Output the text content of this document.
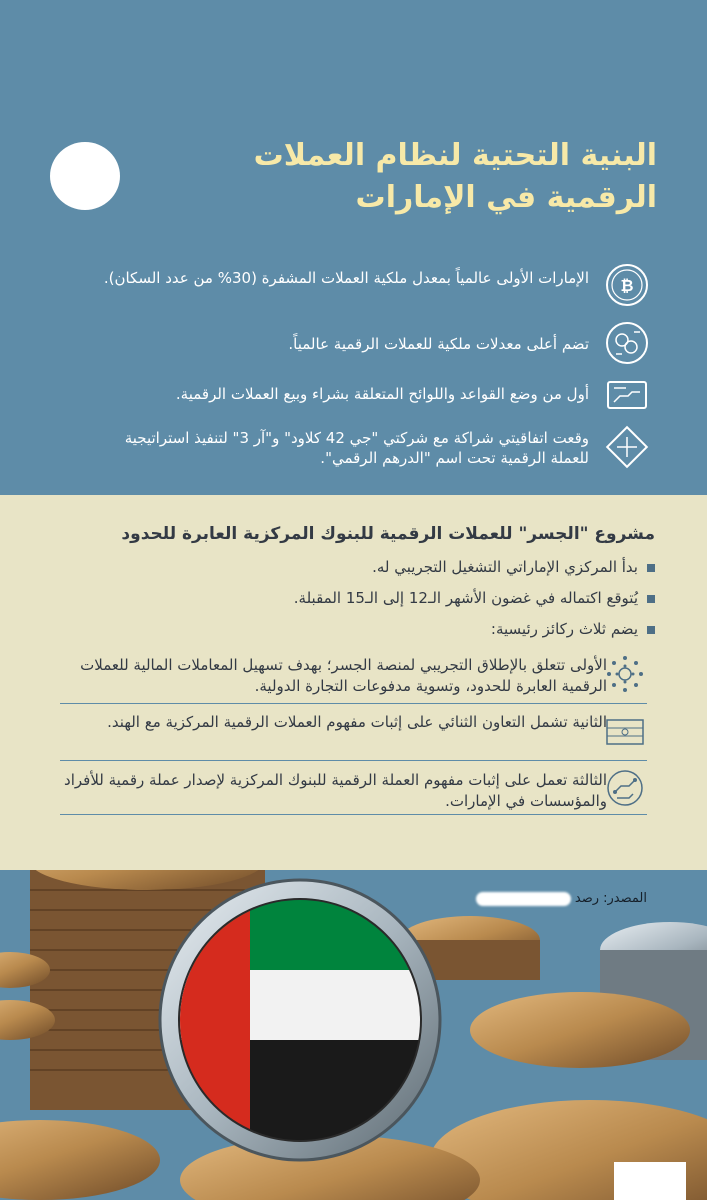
البنية التحتية لنظام العملات
الرقمية في الإمارات
₿
الإمارات الأولى عالمياً بمعدل ملكية العملات المشفرة (30% من عدد السكان).
تضم أعلى معدلات ملكية للعملات الرقمية عالمياً.
أول من وضع القواعد واللوائح المتعلقة بشراء وبيع العملات الرقمية.
وقعت اتفاقيتي شراكة مع شركتي "جي 42 كلاود" و"آر 3" لتنفيذ استراتيجية للعملة الرقمية تحت اسم "الدرهم الرقمي".
مشروع "الجسر" للعملات الرقمية للبنوك المركزية العابرة للحدود
بدأ المركزي الإماراتي التشغيل التجريبي له.
يُتوقع اكتماله في غضون الأشهر الـ12 إلى الـ15 المقبلة.
يضم ثلاث ركائز رئيسية:
الأولى تتعلق بالإطلاق التجريبي لمنصة الجسر؛ بهدف تسهيل المعاملات المالية للعملات الرقمية العابرة للحدود، وتسوية مدفوعات التجارة الدولية.
الثانية تشمل التعاون الثنائي على إثبات مفهوم العملات الرقمية المركزية مع الهند.
الثالثة تعمل على إثبات مفهوم العملة الرقمية للبنوك المركزية لإصدار عملة رقمية للأفراد والمؤسسات في الإمارات.
المصدر: رصد
